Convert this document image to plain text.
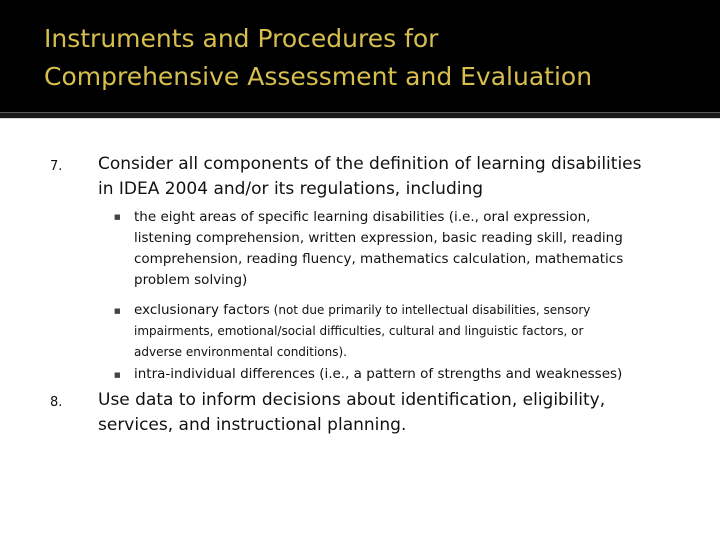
Instruments and Procedures for
Comprehensive Assessment and Evaluation
7. Consider all components of the definition of learning disabilities
in IDEA 2004 and/or its regulations, including
■ the eight areas of specific learning disabilities (i.e., oral expression,
listening comprehension, written expression, basic reading skill, reading
comprehension, reading fluency, mathematics calculation, mathematics
problem solving)
■ exclusionary factors (not due primarily to intellectual disabilities, sensory
impairments, emotional/social difficulties, cultural and linguistic factors, or
adverse environmental conditions).
■ intra-individual differences (i.e., a pattern of strengths and weaknesses)
8. Use data to inform decisions about identification, eligibility,
services, and instructional planning.
